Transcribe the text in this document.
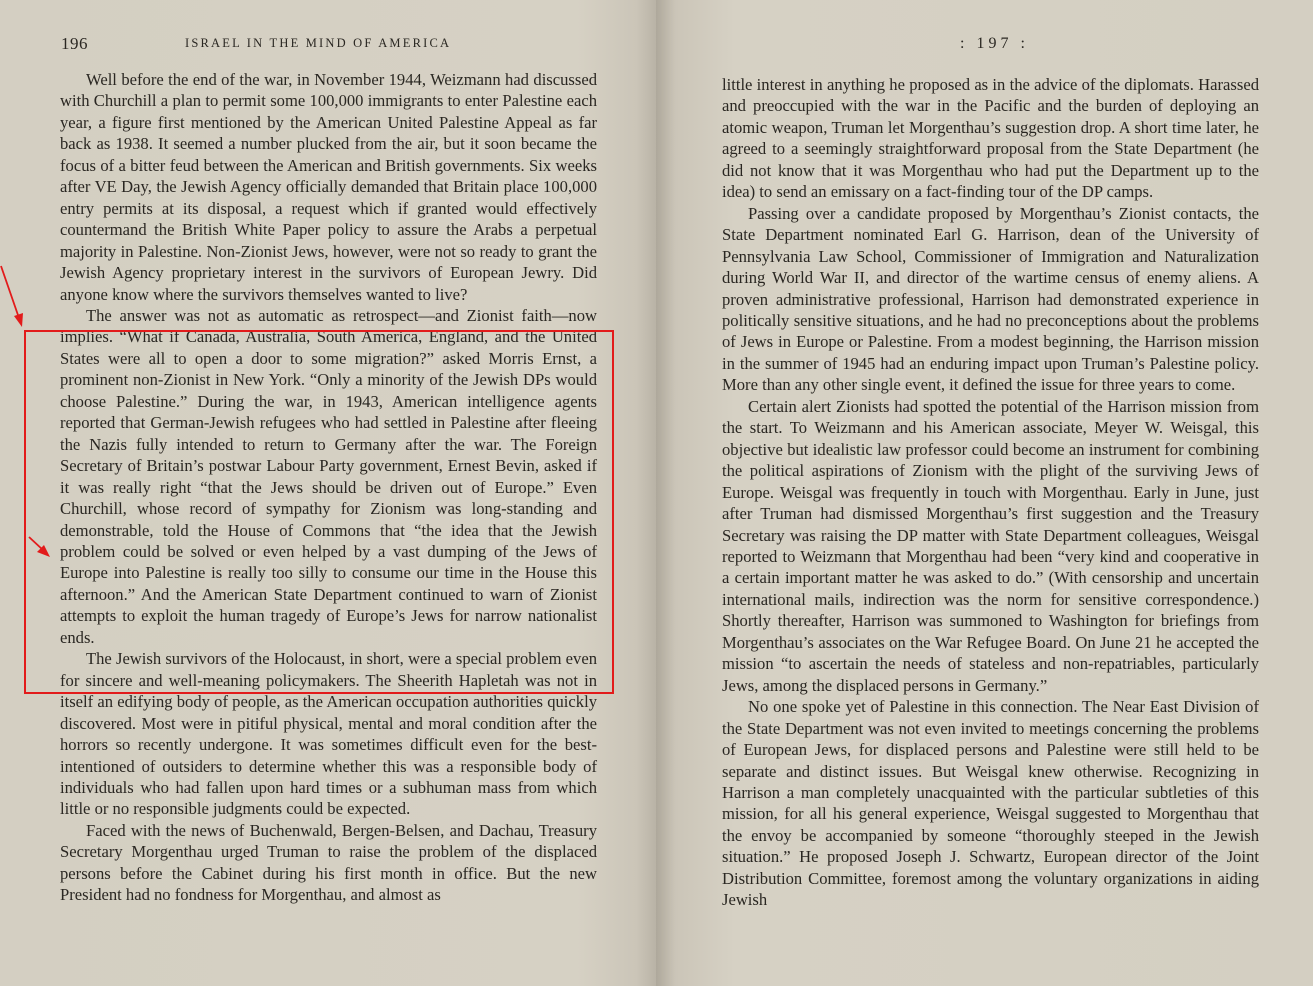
196	ISRAEL IN THE MIND OF AMERICA

Well before the end of the war, in November 1944, Weizmann had discussed with Churchill a plan to permit some 100,000 immigrants to enter Palestine each year, a figure first mentioned by the American United Palestine Appeal as far back as 1938. It seemed a number plucked from the air, but it soon became the focus of a bitter feud between the American and British governments. Six weeks after VE Day, the Jewish Agency officially demanded that Britain place 100,000 entry permits at its disposal, a request which if granted would effectively countermand the British White Paper policy to assure the Arabs a perpetual majority in Palestine. Non-Zionist Jews, however, were not so ready to grant the Jewish Agency proprietary interest in the survivors of European Jewry. Did anyone know where the survivors themselves wanted to live?

The answer was not as automatic as retrospect—and Zionist faith—now implies. “What if Canada, Australia, South America, England, and the United States were all to open a door to some migration?” asked Morris Ernst, a prominent non-Zionist in New York. “Only a minority of the Jewish DPs would choose Palestine.” During the war, in 1943, American intelligence agents reported that German-Jewish refugees who had settled in Palestine after fleeing the Nazis fully intended to return to Germany after the war. The Foreign Secretary of Britain’s postwar Labour Party government, Ernest Bevin, asked if it was really right “that the Jews should be driven out of Europe.” Even Churchill, whose record of sympathy for Zionism was long-standing and demonstrable, told the House of Commons that “the idea that the Jewish problem could be solved or even helped by a vast dumping of the Jews of Europe into Palestine is really too silly to consume our time in the House this afternoon.” And the American State Department continued to warn of Zionist attempts to exploit the human tragedy of Europe’s Jews for narrow nationalist ends.

The Jewish survivors of the Holocaust, in short, were a special problem even for sincere and well-meaning policymakers. The Sheerith Hapletah was not in itself an edifying body of people, as the American occupation authorities quickly discovered. Most were in pitiful physical, mental and moral condition after the horrors so recently undergone. It was sometimes difficult even for the best-intentioned of outsiders to determine whether this was a responsible body of individuals who had fallen upon hard times or a subhuman mass from which little or no responsible judgments could be expected.

Faced with the news of Buchenwald, Bergen-Belsen, and Dachau, Treasury Secretary Morgenthau urged Truman to raise the problem of the displaced persons before the Cabinet during his first month in office. But the new President had no fondness for Morgenthau, and almost as

: 197 :

little interest in anything he proposed as in the advice of the diplomats. Harassed and preoccupied with the war in the Pacific and the burden of deploying an atomic weapon, Truman let Morgenthau’s suggestion drop. A short time later, he agreed to a seemingly straightforward proposal from the State Department (he did not know that it was Morgenthau who had put the Department up to the idea) to send an emissary on a fact-finding tour of the DP camps.

Passing over a candidate proposed by Morgenthau’s Zionist contacts, the State Department nominated Earl G. Harrison, dean of the University of Pennsylvania Law School, Commissioner of Immigration and Naturalization during World War II, and director of the wartime census of enemy aliens. A proven administrative professional, Harrison had demonstrated experience in politically sensitive situations, and he had no preconceptions about the problems of Jews in Europe or Palestine. From a modest beginning, the Harrison mission in the summer of 1945 had an enduring impact upon Truman’s Palestine policy. More than any other single event, it defined the issue for three years to come.

Certain alert Zionists had spotted the potential of the Harrison mission from the start. To Weizmann and his American associate, Meyer W. Weisgal, this objective but idealistic law professor could become an instrument for combining the political aspirations of Zionism with the plight of the surviving Jews of Europe. Weisgal was frequently in touch with Morgenthau. Early in June, just after Truman had dismissed Morgenthau’s first suggestion and the Treasury Secretary was raising the DP matter with State Department colleagues, Weisgal reported to Weizmann that Morgenthau had been “very kind and cooperative in a certain important matter he was asked to do.” (With censorship and uncertain international mails, indirection was the norm for sensitive correspondence.) Shortly thereafter, Harrison was summoned to Washington for briefings from Morgenthau’s associates on the War Refugee Board. On June 21 he accepted the mission “to ascertain the needs of stateless and non-repatriables, particularly Jews, among the displaced persons in Germany.”

No one spoke yet of Palestine in this connection. The Near East Division of the State Department was not even invited to meetings concerning the problems of European Jews, for displaced persons and Palestine were still held to be separate and distinct issues. But Weisgal knew otherwise. Recognizing in Harrison a man completely unacquainted with the particular subtleties of this mission, for all his general experience, Weisgal suggested to Morgenthau that the envoy be accompanied by someone “thoroughly steeped in the Jewish situation.” He proposed Joseph J. Schwartz, European director of the Joint Distribution Committee, foremost among the voluntary organizations in aiding Jewish
